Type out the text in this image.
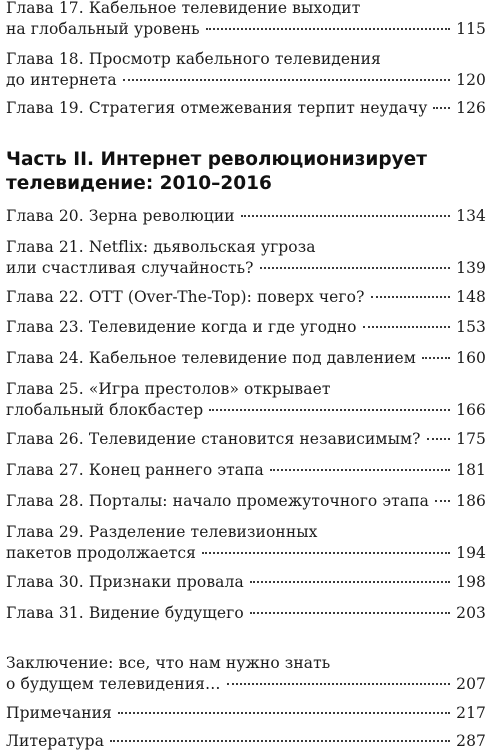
Глава 17. Кабельное телевидение выходит
на глобальный уровень	115
Глава 18. Просмотр кабельного телевидения
до интернета	120
Глава 19. Стратегия отмежевания терпит неудачу 126
Часть II. Интернет революционизирует
телевидение: 2010–2016
Глава 20. Зерна революции	134
Глава 21. Netflix: дьявольская угроза
или счастливая случайность?	139
Глава 22. OTT (Over-The-Top): поверх чего?	148
Глава 23. Телевидение когда и где угодно	153
Глава 24. Кабельное телевидение под давлением	160
Глава 25. «Игра престолов» открывает
глобальный блокбастер	166
Глава 26. Телевидение становится независимым? 175
Глава 27. Конец раннего этапа	181
Глава 28. Порталы: начало промежуточного этапа 186
Глава 29. Разделение телевизионных
пакетов продолжается	194
Глава 30. Признаки провала	198
Глава 31. Видение будущего	203
Заключение: все, что нам нужно знать
о будущем телевидения…	207
Примечания	217
Литература	287
